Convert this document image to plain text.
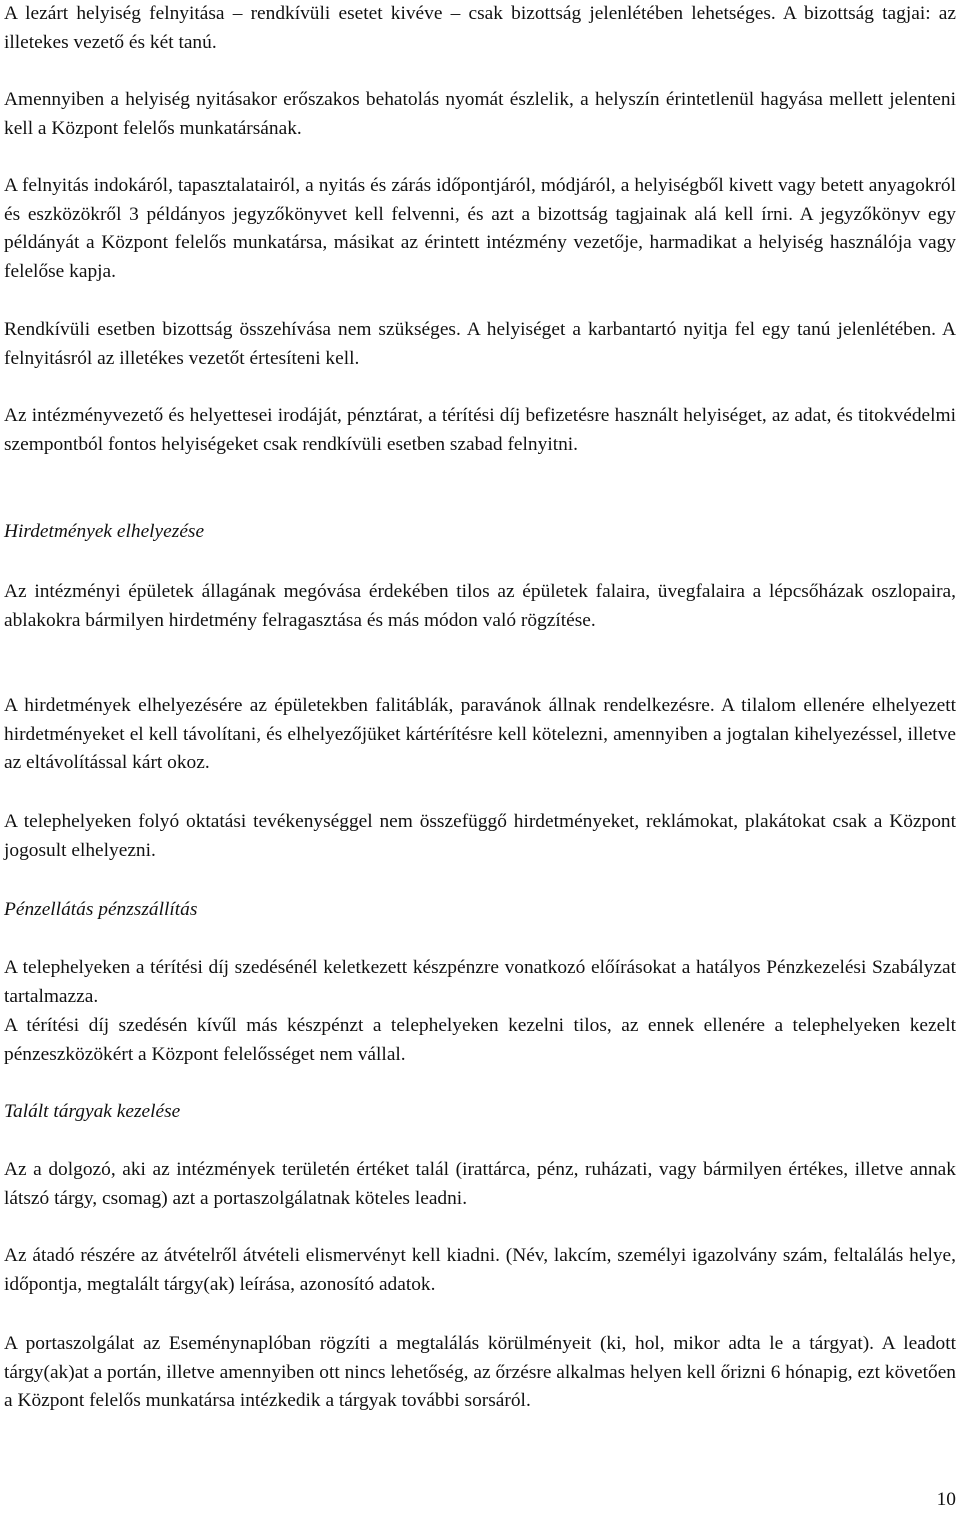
A lezárt helyiség felnyitása – rendkívüli esetet kivéve – csak bizottság jelenlétében lehetséges. A bizottság tagjai: az illetekes vezető és két tanú.

Amennyiben a helyiség nyitásakor erőszakos behatolás nyomát észlelik, a helyszín érintetlenül hagyása mellett jelenteni kell a Központ felelős munkatársának.

A felnyitás indokáról, tapasztalatairól, a nyitás és zárás időpontjáról, módjáról, a helyiségből kivett vagy betett anyagokról és eszközökről 3 példányos jegyzőkönyvet kell felvenni, és azt a bizottság tagjainak alá kell írni. A jegyzőkönyv egy példányát a Központ felelős munkatársa, másikat az érintett intézmény vezetője, harmadikat a helyiség használója vagy felelőse kapja.

Rendkívüli esetben bizottság összehívása nem szükséges. A helyiséget a karbantartó nyitja fel egy tanú jelenlétében. A felnyitásról az illetékes vezetőt értesíteni kell.

Az intézményvezető és helyettesei irodáját, pénztárat, a térítési díj befizetésre használt helyiséget, az adat, és titokvédelmi szempontból fontos helyiségeket csak rendkívüli esetben szabad felnyitni.

Hirdetmények elhelyezése

Az intézményi épületek állagának megóvása érdekében tilos az épületek falaira, üvegfalaira a lépcsőházak oszlopaira, ablakokra bármilyen hirdetmény felragasztása és más módon való rögzítése.

A hirdetmények elhelyezésére az épületekben falitáblák, paravánok állnak rendelkezésre. A tilalom ellenére elhelyezett hirdetményeket el kell távolítani, és elhelyezőjüket kártérítésre kell kötelezni, amennyiben a jogtalan kihelyezéssel, illetve az eltávolítással kárt okoz.

A telephelyeken folyó oktatási tevékenységgel nem összefüggő hirdetményeket, reklámokat, plakátokat csak a Központ jogosult elhelyezni.

Pénzellátás pénzszállítás

A telephelyeken a térítési díj szedésénél keletkezett készpénzre vonatkozó előírásokat a hatályos Pénzkezelési Szabályzat tartalmazza.

A térítési díj szedésén kívűl más készpénzt a telephelyeken kezelni tilos, az ennek ellenére a telephelyeken kezelt pénzeszközökért a Központ felelősséget nem vállal.

Talált tárgyak kezelése

Az a dolgozó, aki az intézmények területén értéket talál (irattárca, pénz, ruházati, vagy bármilyen értékes, illetve annak látszó tárgy, csomag) azt a portaszolgálatnak köteles leadni.

Az átadó részére az átvételről átvételi elismervényt kell kiadni. (Név, lakcím, személyi igazolvány szám, feltalálás helye, időpontja, megtalált tárgy(ak) leírása, azonosító adatok.

A portaszolgálat az Eseménynaplóban rögzíti a megtalálás körülményeit (ki, hol, mikor adta le a tárgyat). A leadott tárgy(ak)at a portán, illetve amennyiben ott nincs lehetőség, az őrzésre alkalmas helyen kell őrizni 6 hónapig, ezt követően a Központ felelős munkatársa intézkedik a tárgyak további sorsáról.

10
